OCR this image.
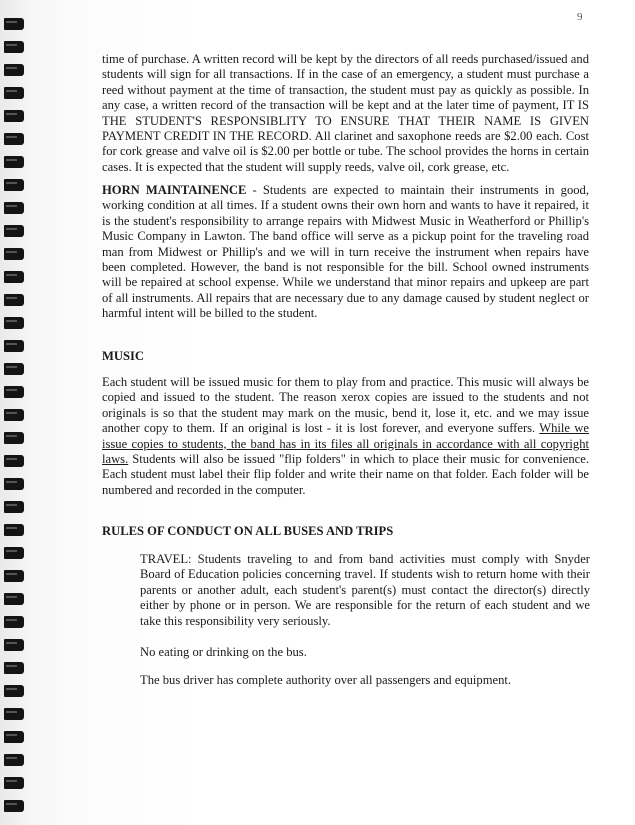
9

time of purchase. A written record will be kept by the directors of all reeds purchased/issued and students will sign for all transactions. If in the case of an emergency, a student must purchase a reed without payment at the time of transaction, the student must pay as quickly as possible. In any case, a written record of the transaction will be kept and at the later time of payment, IT IS THE STUDENT'S RESPONSIBLITY TO ENSURE THAT THEIR NAME IS GIVEN PAYMENT CREDIT IN THE RECORD. All clarinet and saxophone reeds are $2.00 each. Cost for cork grease and valve oil is $2.00 per bottle or tube. The school provides the horns in certain cases. It is expected that the student will supply reeds, valve oil, cork grease, etc.

HORN MAINTAINENCE - Students are expected to maintain their instruments in good, working condition at all times. If a student owns their own horn and wants to have it repaired, it is the student's responsibility to arrange repairs with Midwest Music in Weatherford or Phillip's Music Company in Lawton. The band office will serve as a pickup point for the traveling road man from Midwest or Phillip's and we will in turn receive the instrument when repairs have been completed. However, the band is not responsible for the bill. School owned instruments will be repaired at school expense. While we understand that minor repairs and upkeep are part of all instruments. All repairs that are necessary due to any damage caused by student neglect or harmful intent will be billed to the student.

MUSIC

Each student will be issued music for them to play from and practice. This music will always be copied and issued to the student. The reason xerox copies are issued to the students and not originals is so that the student may mark on the music, bend it, lose it, etc. and we may issue another copy to them. If an original is lost - it is lost forever, and everyone suffers. While we issue copies to students, the band has in its files all originals in accordance with all copyright laws. Students will also be issued "flip folders" in which to place their music for convenience. Each student must label their flip folder and write their name on that folder. Each folder will be numbered and recorded in the computer.

RULES OF CONDUCT ON ALL BUSES AND TRIPS

TRAVEL: Students traveling to and from band activities must comply with Snyder Board of Education policies concerning travel. If students wish to return home with their parents or another adult, each student's parent(s) must contact the director(s) directly either by phone or in person. We are responsible for the return of each student and we take this responsibility very seriously.

No eating or drinking on the bus.

The bus driver has complete authority over all passengers and equipment.
